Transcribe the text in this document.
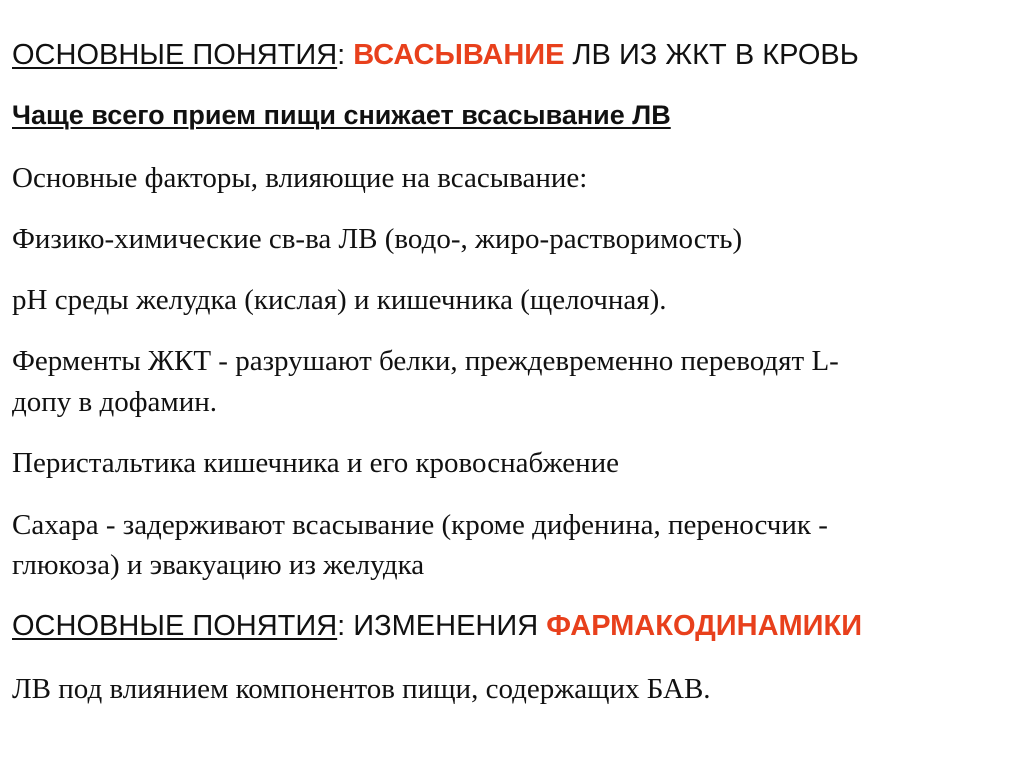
ОСНОВНЫЕ ПОНЯТИЯ: ВСАСЫВАНИЕ ЛВ ИЗ ЖКТ В КРОВЬ
Чаще всего прием пищи снижает всасывание ЛВ
Основные факторы, влияющие на всасывание:
Физико-химические св-ва ЛВ (водо-, жиро-растворимость)
рН среды желудка (кислая) и кишечника (щелочная).
Ферменты ЖКТ - разрушают белки, преждевременно переводят L-
допу в дофамин.
Перистальтика кишечника и его кровоснабжение
Сахара - задерживают всасывание (кроме дифенина, переносчик -
глюкоза) и эвакуацию из желудка
ОСНОВНЫЕ ПОНЯТИЯ: ИЗМЕНЕНИЯ ФАРМАКОДИНАМИКИ
ЛВ под влиянием компонентов пищи, содержащих БАВ.
